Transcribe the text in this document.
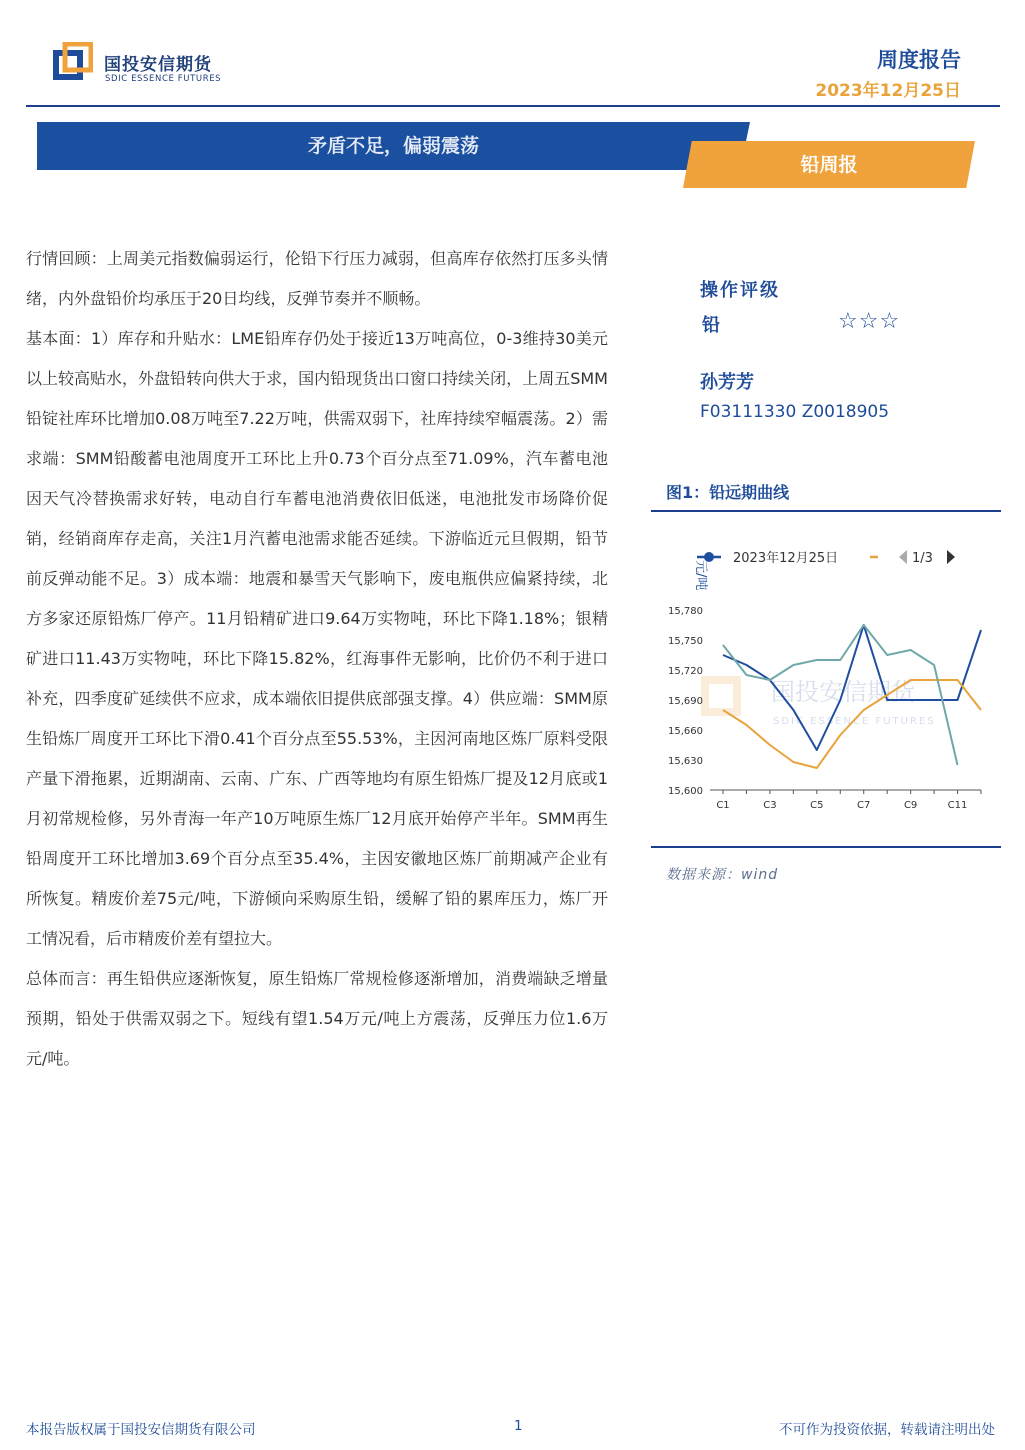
国投安信期货
SDIC ESSENCE FUTURES
周度报告
2023年12月25日
矛盾不足，偏弱震荡
铅周报

行情回顾：上周美元指数偏弱运行，伦铅下行压力减弱，但高库存依然打压多头情绪，内外盘铅价均承压于20日均线，反弹节奏并不顺畅。

基本面：1）库存和升贴水：LME铅库存仍处于接近13万吨高位，0-3维持30美元以上较高贴水，外盘铅转向供大于求，国内铅现货出口窗口持续关闭，上周五SMM铅锭社库环比增加0.08万吨至7.22万吨，供需双弱下，社库持续窄幅震荡。2）需求端：SMM铅酸蓄电池周度开工环比上升0.73个百分点至71.09%，汽车蓄电池因天气冷替换需求好转，电动自行车蓄电池消费依旧低迷，电池批发市场降价促销，经销商库存走高，关注1月汽蓄电池需求能否延续。下游临近元旦假期，铅节前反弹动能不足。3）成本端：地震和暴雪天气影响下，废电瓶供应偏紧持续，北方多家还原铅炼厂停产。11月铅精矿进口9.64万实物吨，环比下降1.18%；银精矿进口11.43万实物吨，环比下降15.82%，红海事件无影响，比价仍不利于进口补充，四季度矿延续供不应求，成本端依旧提供底部强支撑。4）供应端：SMM原生铅炼厂周度开工环比下滑0.41个百分点至55.53%，主因河南地区炼厂原料受限产量下滑拖累，近期湖南、云南、广东、广西等地均有原生铅炼厂提及12月底或1月初常规检修，另外青海一年产10万吨原生炼厂12月底开始停产半年。SMM再生铅周度开工环比增加3.69个百分点至35.4%，主因安徽地区炼厂前期减产企业有所恢复。精废价差75元/吨，下游倾向采购原生铅，缓解了铅的累库压力，炼厂开工情况看，后市精废价差有望拉大。

总体而言：再生铅供应逐渐恢复，原生铅炼厂常规检修逐渐增加，消费端缺乏增量预期，铅处于供需双弱之下。短线有望1.54万元/吨上方震荡，反弹压力位1.6万元/吨。

操作评级
铅	☆☆☆
孙芳芳
F03111330 Z0018905
图1：铅远期曲线
国投安信期货
SDIC ESSENCE FUTURES
2023年12月25日	1/3
元/吨
15,600
15,630
15,660
15,690
15,720
15,750
15,780
C1	C3	C5	C7	C9	C11
数据来源：wind
本报告版权属于国投安信期货有限公司	1	不可作为投资依据，转载请注明出处
